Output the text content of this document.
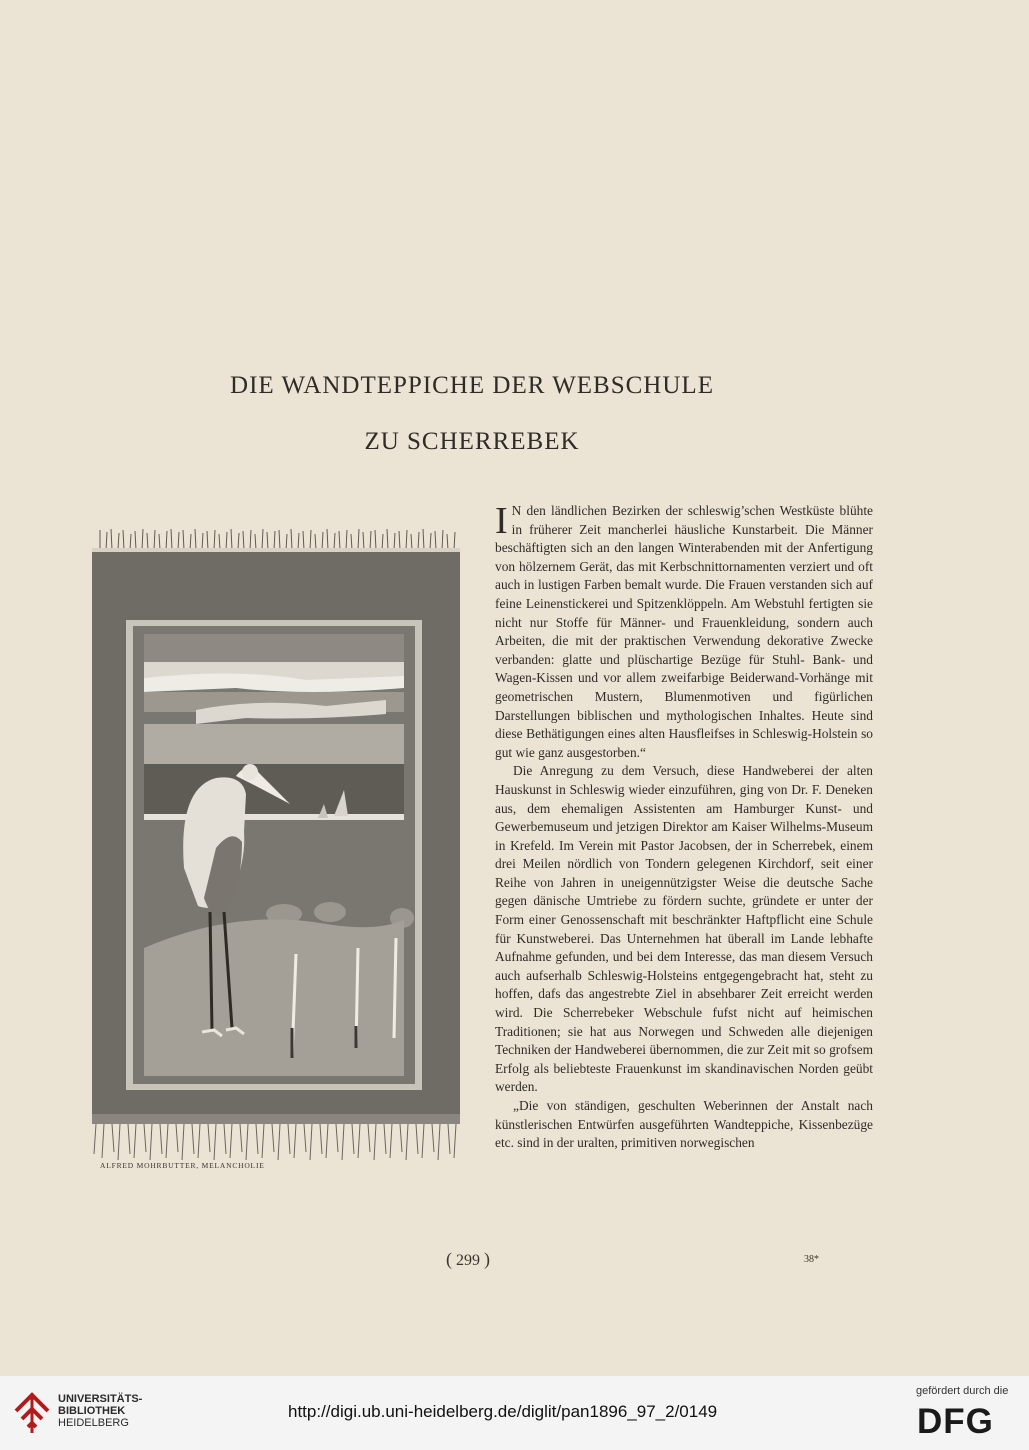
DIE WANDTEPPICHE DER WEBSCHULE
ZU SCHERREBEK
ALFRED MOHRBUTTER, MELANCHOLIE

I N den ländlichen Bezirken der schleswig’schen Westküste blühte in früherer Zeit mancherlei häusliche Kunstarbeit. Die Männer beschäftigten sich an den langen Winterabenden mit der Anfertigung von hölzernem Gerät, das mit Kerbschnittornamenten verziert und oft auch in lustigen Farben bemalt wurde. Die Frauen verstanden sich auf feine Leinenstickerei und Spitzenklöppeln. Am Webstuhl fertigten sie nicht nur Stoffe für Männer- und Frauenkleidung, sondern auch Arbeiten, die mit der praktischen Verwendung dekorative Zwecke verbanden: glatte und plüschartige Bezüge für Stuhl- Bank- und Wagen-Kissen und vor allem zweifarbige Beiderwand-Vorhänge mit geometrischen Mustern, Blumenmotiven und figürlichen Darstellungen biblischen und mythologischen Inhaltes. Heute sind diese Bethätigungen eines alten Hausfleifses in Schleswig-Holstein so gut wie ganz ausgestorben.“

Die Anregung zu dem Versuch, diese Handweberei der alten Hauskunst in Schleswig wieder einzuführen, ging von Dr. F. Deneken aus, dem ehemaligen Assistenten am Hamburger Kunst- und Gewerbemuseum und jetzigen Direktor am Kaiser Wilhelms-Museum in Krefeld. Im Verein mit Pastor Jacobsen, der in Scherrebek, einem drei Meilen nördlich von Tondern gelegenen Kirchdorf, seit einer Reihe von Jahren in uneigennützigster Weise die deutsche Sache gegen dänische Umtriebe zu fördern suchte, gründete er unter der Form einer Genossenschaft mit beschränkter Haftpflicht eine Schule für Kunstweberei. Das Unternehmen hat überall im Lande lebhafte Aufnahme gefunden, und bei dem Interesse, das man diesem Versuch auch aufserhalb Schleswig-Holsteins entgegengebracht hat, steht zu hoffen, dafs das angestrebte Ziel in absehbarer Zeit erreicht werden wird. Die Scherrebeker Webschule fufst nicht auf heimischen Traditionen; sie hat aus Norwegen und Schweden alle diejenigen Techniken der Handweberei übernommen, die zur Zeit mit so grofsem Erfolg als beliebteste Frauenkunst im skandinavischen Norden geübt werden.

„Die von ständigen, geschulten Weberinnen der Anstalt nach künstlerischen Entwürfen ausgeführten Wandteppiche, Kissenbezüge etc. sind in der uralten, primitiven norwegischen

( 299 )	38*
UNIVERSITÄTS-
BIBLIOTHEK
HEIDELBERG
http://digi.ub.uni-heidelberg.de/diglit/pan1896_97_2/0149
gefördert durch die
DFG
